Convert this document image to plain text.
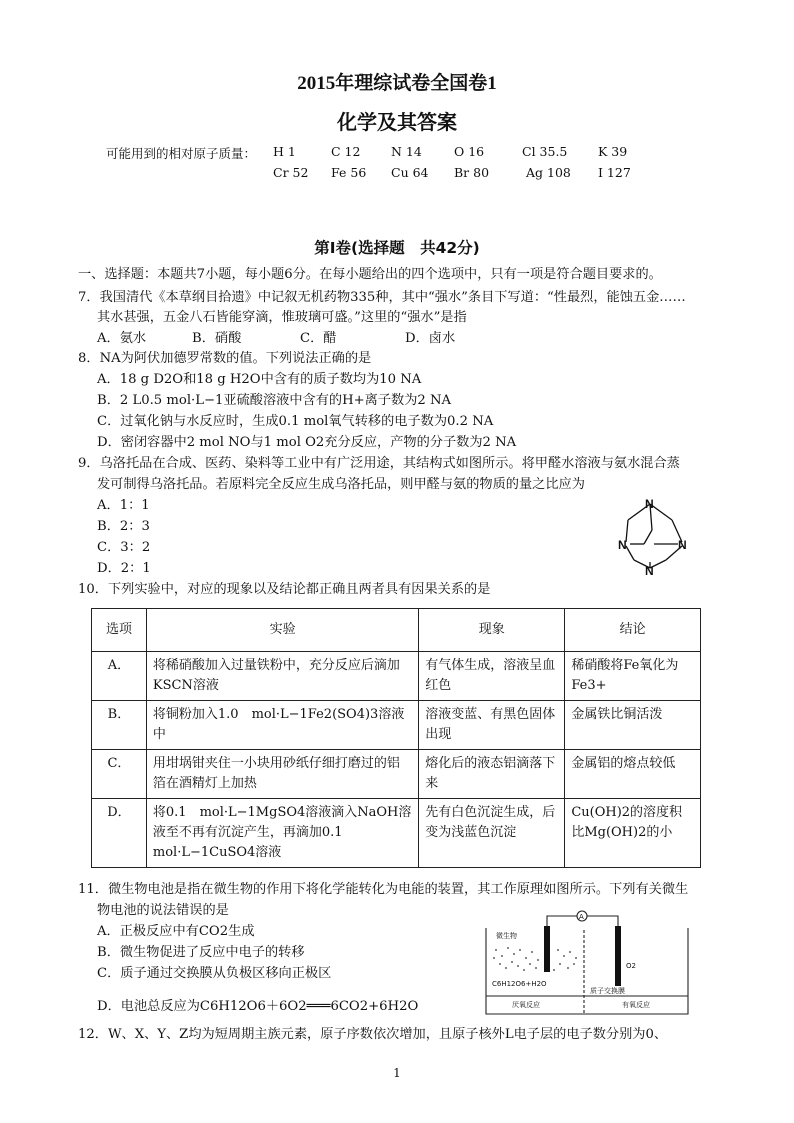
2015年理综试卷全国卷1
化学及其答案
可能用到的相对原子质量： H 1	C 12 N 14	O 16	Cl 35.5 K 39
Cr 52 Fe 56 Cu 64 Br 80	Ag 108 I 127
第Ⅰ卷(选择题　共42分)
一、选择题：本题共7小题，每小题6分。在每小题给出的四个选项中，只有一项是符合题目要求的。
7．我国清代《本草纲目拾遗》中记叙无机药物335种，其中“强水”条目下写道：“性最烈，能蚀五金……
其水甚强，五金八石皆能穿滴，惟玻璃可盛。”这里的“强水”是指
A．氨水	B．硝酸	C．醋	D．卤水
8．NA为阿伏加德罗常数的值。下列说法正确的是
A．18 g D2O和18 g H2O中含有的质子数均为10 NA
B．2 L0.5 mol·L−1亚硫酸溶液中含有的H+离子数为2 NA
C．过氧化钠与水反应时，生成0.1 mol氧气转移的电子数为0.2 NA
D．密闭容器中2 mol NO与1 mol O2充分反应，产物的分子数为2 NA
9．乌洛托品在合成、医药、染料等工业中有广泛用途，其结构式如图所示。将甲醛水溶液与氨水混合蒸
发可制得乌洛托品。若原料完全反应生成乌洛托品，则甲醛与氨的物质的量之比应为
A．1：1
B．2：3
C．3：2
D．2：1
N
N	N
N
10．下列实验中，对应的现象以及结论都正确且两者具有因果关系的是
选项	实验	现象	结论
A．	将稀硝酸加入过量铁粉中，充分反应后滴加KSCN溶液	有气体生成，溶液呈血红色	稀硝酸将Fe氧化为Fe3+
B．	将铜粉加入1.0　mol·L−1Fe2(SO4)3溶液中	溶液变蓝、有黑色固体出现	金属铁比铜活泼
C．	用坩埚钳夹住一小块用砂纸仔细打磨过的铝箔在酒精灯上加热	熔化后的液态铝滴落下来	金属铝的熔点较低
D．	将0.1　mol·L−1MgSO4溶液滴入NaOH溶液至不再有沉淀产生，再滴加0.1 mol·L−1CuSO4溶液	先有白色沉淀生成，后变为浅蓝色沉淀	Cu(OH)2的溶度积比Mg(OH)2的小
11．微生物电池是指在微生物的作用下将化学能转化为电能的装置，其工作原理如图所示。下列有关微生
物电池的说法错误的是
A．正极反应中有CO2生成
B．微生物促进了反应中电子的转移
C．质子通过交换膜从负极区移向正极区
D．电池总反应为C6H12O6＋6O2═══6CO2+6H2O
A
微生物
C6H12O6+H2O
O2
质子交换膜
厌氧反应	有氧反应
12．W、X、Y、Z均为短周期主族元素，原子序数依次增加，且原子核外L电子层的电子数分别为0、
1
